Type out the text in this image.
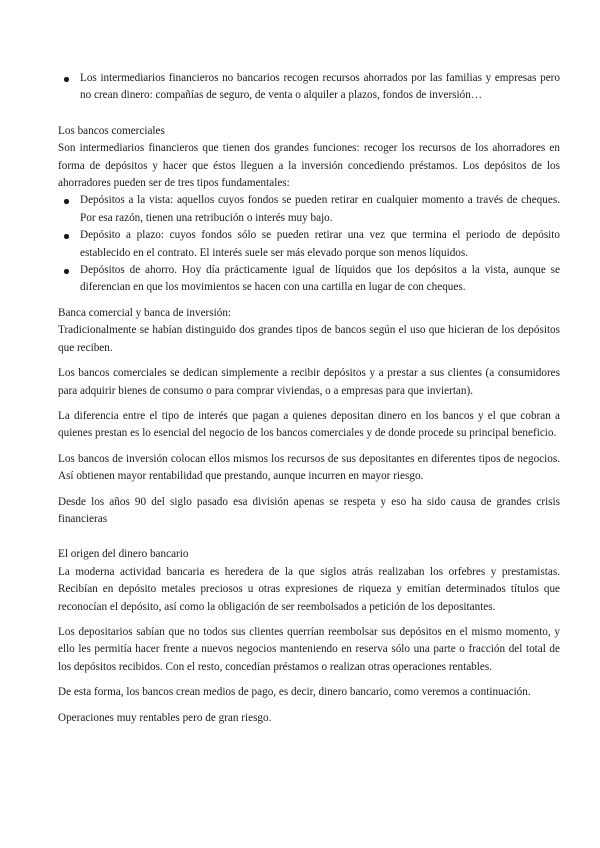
Los intermediarios financieros no bancarios recogen recursos ahorrados por las familias y empresas pero no crean dinero: compañías de seguro, de venta o alquiler a plazos, fondos de inversión…

Los bancos comerciales

Son intermediarios financieros que tienen dos grandes funciones: recoger los recursos de los ahorradores en forma de depósitos y hacer que éstos lleguen a la inversión concediendo préstamos. Los depósitos de los ahorradores pueden ser de tres tipos fundamentales:

Depósitos a la vista: aquellos cuyos fondos se pueden retirar en cualquier momento a través de cheques. Por esa razón, tienen una retribución o interés muy bajo.
Depósito a plazo: cuyos fondos sólo se pueden retirar una vez que termina el periodo de depósito establecido en el contrato. El interés suele ser más elevado porque son menos líquidos.
Depósitos de ahorro. Hoy día prácticamente igual de líquidos que los depósitos a la vista, aunque se diferencian en que los movimientos se hacen con una cartilla en lugar de con cheques.

Banca comercial y banca de inversión:

Tradicionalmente se habían distinguido dos grandes tipos de bancos según el uso que hicieran de los depósitos que reciben.

Los bancos comerciales se dedican simplemente a recibir depósitos y a prestar a sus clientes (a consumidores para adquirir bienes de consumo o para comprar viviendas, o a empresas para que inviertan).

La diferencia entre el tipo de interés que pagan a quienes depositan dinero en los bancos y el que cobran a quienes prestan es lo esencial del negocio de los bancos comerciales y de donde procede su principal beneficio.

Los bancos de inversión colocan ellos mismos los recursos de sus depositantes en diferentes tipos de negocios. Así obtienen mayor rentabilidad que prestando, aunque incurren en mayor riesgo.

Desde los años 90 del siglo pasado esa división apenas se respeta y eso ha sido causa de grandes crisis financieras

El origen del dinero bancario

La moderna actividad bancaria es heredera de la que siglos atrás realizaban los orfebres y prestamistas. Recibían en depósito metales preciosos u otras expresiones de riqueza y emitían determinados títulos que reconocían el depósito, así como la obligación de ser reembolsados a petición de los depositantes.

Los depositarios sabían que no todos sus clientes querrían reembolsar sus depósitos en el mismo momento, y ello les permitía hacer frente a nuevos negocios manteniendo en reserva sólo una parte o fracción del total de los depósitos recibidos. Con el resto, concedían préstamos o realizan otras operaciones rentables.

De esta forma, los bancos crean medios de pago, es decir, dinero bancario, como veremos a continuación.

Operaciones muy rentables pero de gran riesgo.
